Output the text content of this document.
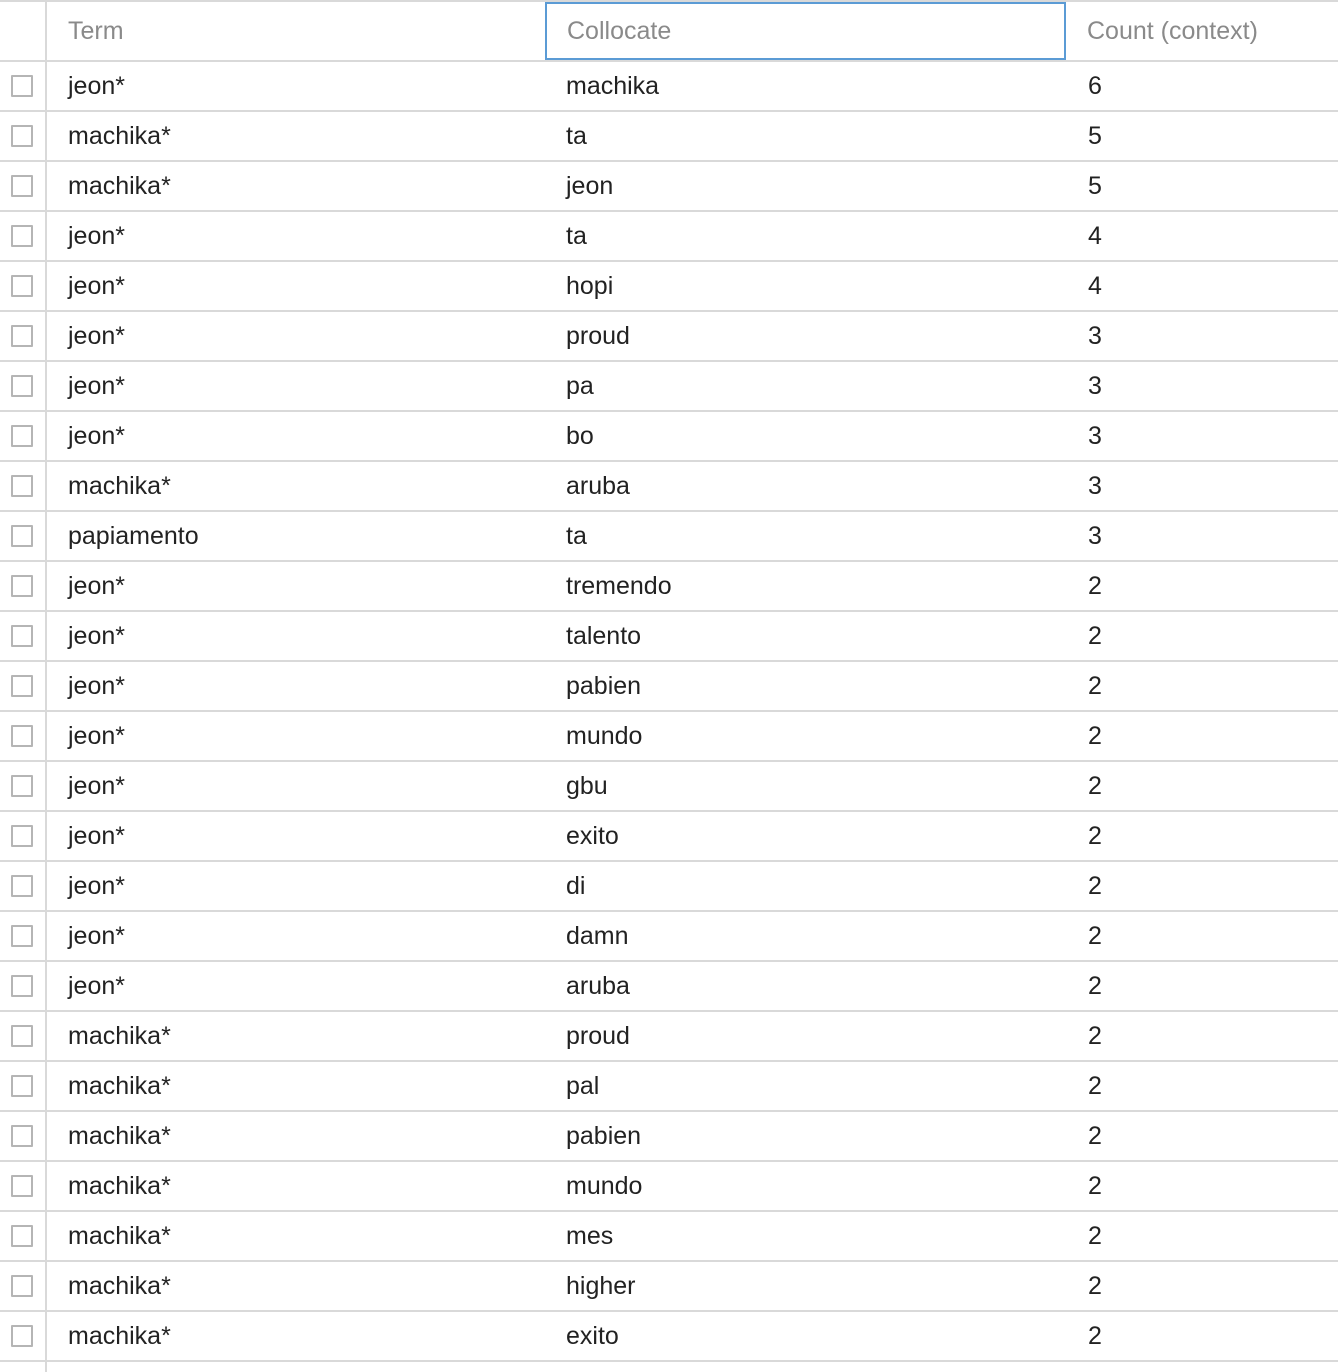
Term	Collocate	Count (context)
jeon*	machika	6
machika*	ta	5
machika*	jeon	5
jeon*	ta	4
jeon*	hopi	4
jeon*	proud	3
jeon*	pa	3
jeon*	bo	3
machika*	aruba	3
papiamento	ta	3
jeon*	tremendo	2
jeon*	talento	2
jeon*	pabien	2
jeon*	mundo	2
jeon*	gbu	2
jeon*	exito	2
jeon*	di	2
jeon*	damn	2
jeon*	aruba	2
machika*	proud	2
machika*	pal	2
machika*	pabien	2
machika*	mundo	2
machika*	mes	2
machika*	higher	2
machika*	exito	2
